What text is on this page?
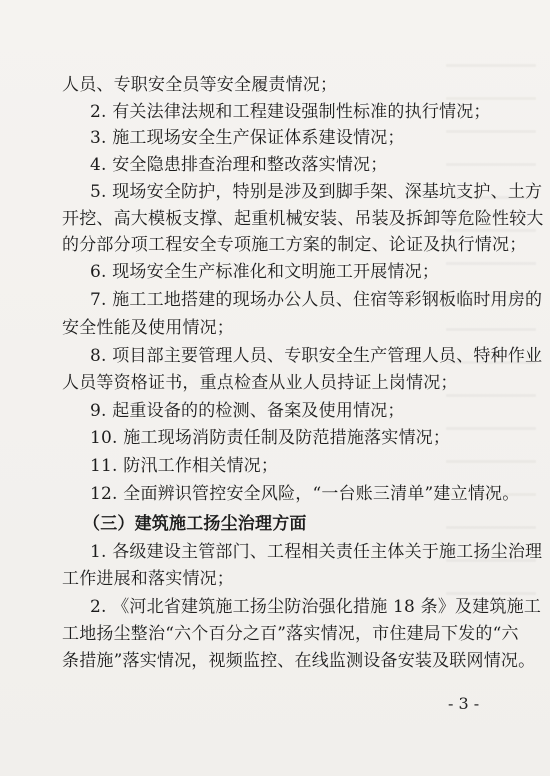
人员、专职安全员等安全履责情况；
2. 有关法律法规和工程建设强制性标准的执行情况；
3. 施工现场安全生产保证体系建设情况；
4. 安全隐患排查治理和整改落实情况；
5. 现场安全防护，特别是涉及到脚手架、深基坑支护、土方
开挖、高大模板支撑、起重机械安装、吊装及拆卸等危险性较大
的分部分项工程安全专项施工方案的制定、论证及执行情况；
6. 现场安全生产标准化和文明施工开展情况；
7. 施工工地搭建的现场办公人员、住宿等彩钢板临时用房的
安全性能及使用情况；
8. 项目部主要管理人员、专职安全生产管理人员、特种作业
人员等资格证书，重点检查从业人员持证上岗情况；
9. 起重设备的的检测、备案及使用情况；
10. 施工现场消防责任制及防范措施落实情况；
11. 防汛工作相关情况；
12. 全面辨识管控安全风险，“一台账三清单”建立情况。
（三）建筑施工扬尘治理方面
1. 各级建设主管部门、工程相关责任主体关于施工扬尘治理
工作进展和落实情况；
2. 《河北省建筑施工扬尘防治强化措施 18 条》及建筑施工
工地扬尘整治“六个百分之百”落实情况，市住建局下发的“六
条措施”落实情况，视频监控、在线监测设备安装及联网情况。
- 3 -
